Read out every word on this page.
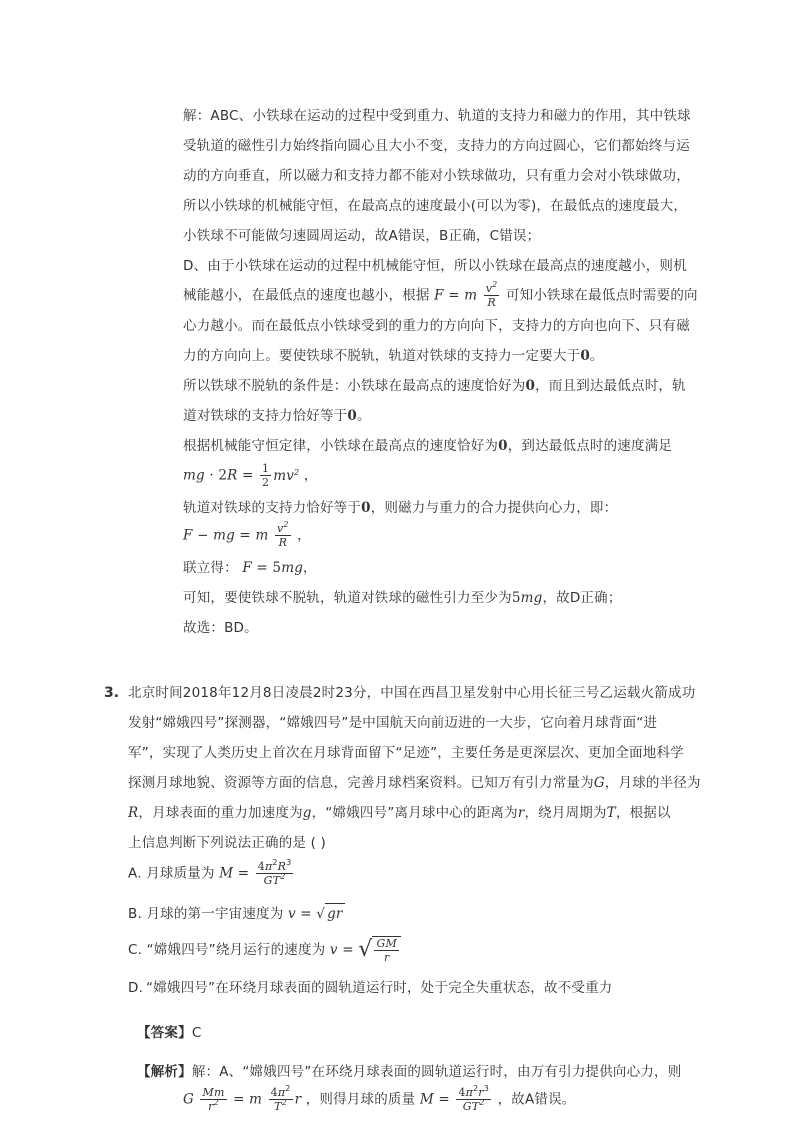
解：ABC、小铁球在运动的过程中受到重力、轨道的支持力和磁力的作用，其中铁球
受轨道的磁性引力始终指向圆心且大小不变，支持力的方向过圆心，它们都始终与运
动的方向垂直，所以磁力和支持力都不能对小铁球做功，只有重力会对小铁球做功，
所以小铁球的机械能守恒，在最高点的速度最小(可以为零)，在最低点的速度最大，
小铁球不可能做匀速圆周运动，故A错误，B正确，C错误；
D、由于小铁球在运动的过程中机械能守恒，所以小铁球在最高点的速度越小，则机
械能越小，在最低点的速度也越小，根据 F = m $\frac{v^2}{R}$ 可知小铁球在最低点时需要的向
心力越小。而在最低点小铁球受到的重力的方向向下，支持力的方向也向下、只有磁
力的方向向上。要使铁球不脱轨，轨道对铁球的支持力一定要大于0。
所以铁球不脱轨的条件是：小铁球在最高点的速度恰好为0，而且到达最低点时，轨
道对铁球的支持力恰好等于0。
根据机械能守恒定律，小铁球在最高点的速度恰好为0，到达最低点时的速度满足
mg · $2R = \frac{1}{2} mv^2$ ，
轨道对铁球的支持力恰好等于0，则磁力与重力的合力提供向心力，即：
F − mg = m $\frac{v^2}{R}$ ，
联立得： F = 5mg，
可知，要使铁球不脱轨，轨道对铁球的磁性引力至少为5mg，故D正确；
故选：BD。
3. 北京时间2018年12月8日凌晨2时23分，中国在西昌卫星发射中心用长征三号乙运载火箭成功
发射“嫦娥四号”探测器，“嫦娥四号”是中国航天向前迈进的一大步，它向着月球背面“进
军”，实现了人类历史上首次在月球背面留下“足迹”，主要任务是更深层次、更加全面地科学
探测月球地貌、资源等方面的信息，完善月球档案资料。已知万有引力常量为G，月球的半径为
R，月球表面的重力加速度为g，“嫦娥四号”离月球中心的距离为r，绕月周期为T，根据以
上信息判断下列说法正确的是 ( )
A. 月球质量为 $M = \frac{4\pi^2R^3}{GT^2}$
B. 月球的第一宇宙速度为 v = √ gr
C. “嫦娥四号”绕月运行的速度为 v = √ $\frac{GM}{r}$
“嫦娥四号”在环绕月球表面的圆轨道运行时，处于完全失重状态，故不受重力
D.
【答案】C
【解析】解：A、“嫦娥四号”在环绕月球表面的圆轨道运行时，由万有引力提供向心力，则
G $\frac{Mm}{r^2} = m \frac{4\pi^2}{T^2}$ r ，则得月球的质量 $M = \frac{4\pi^2r^3}{GT^2}$ ，故A错误。
